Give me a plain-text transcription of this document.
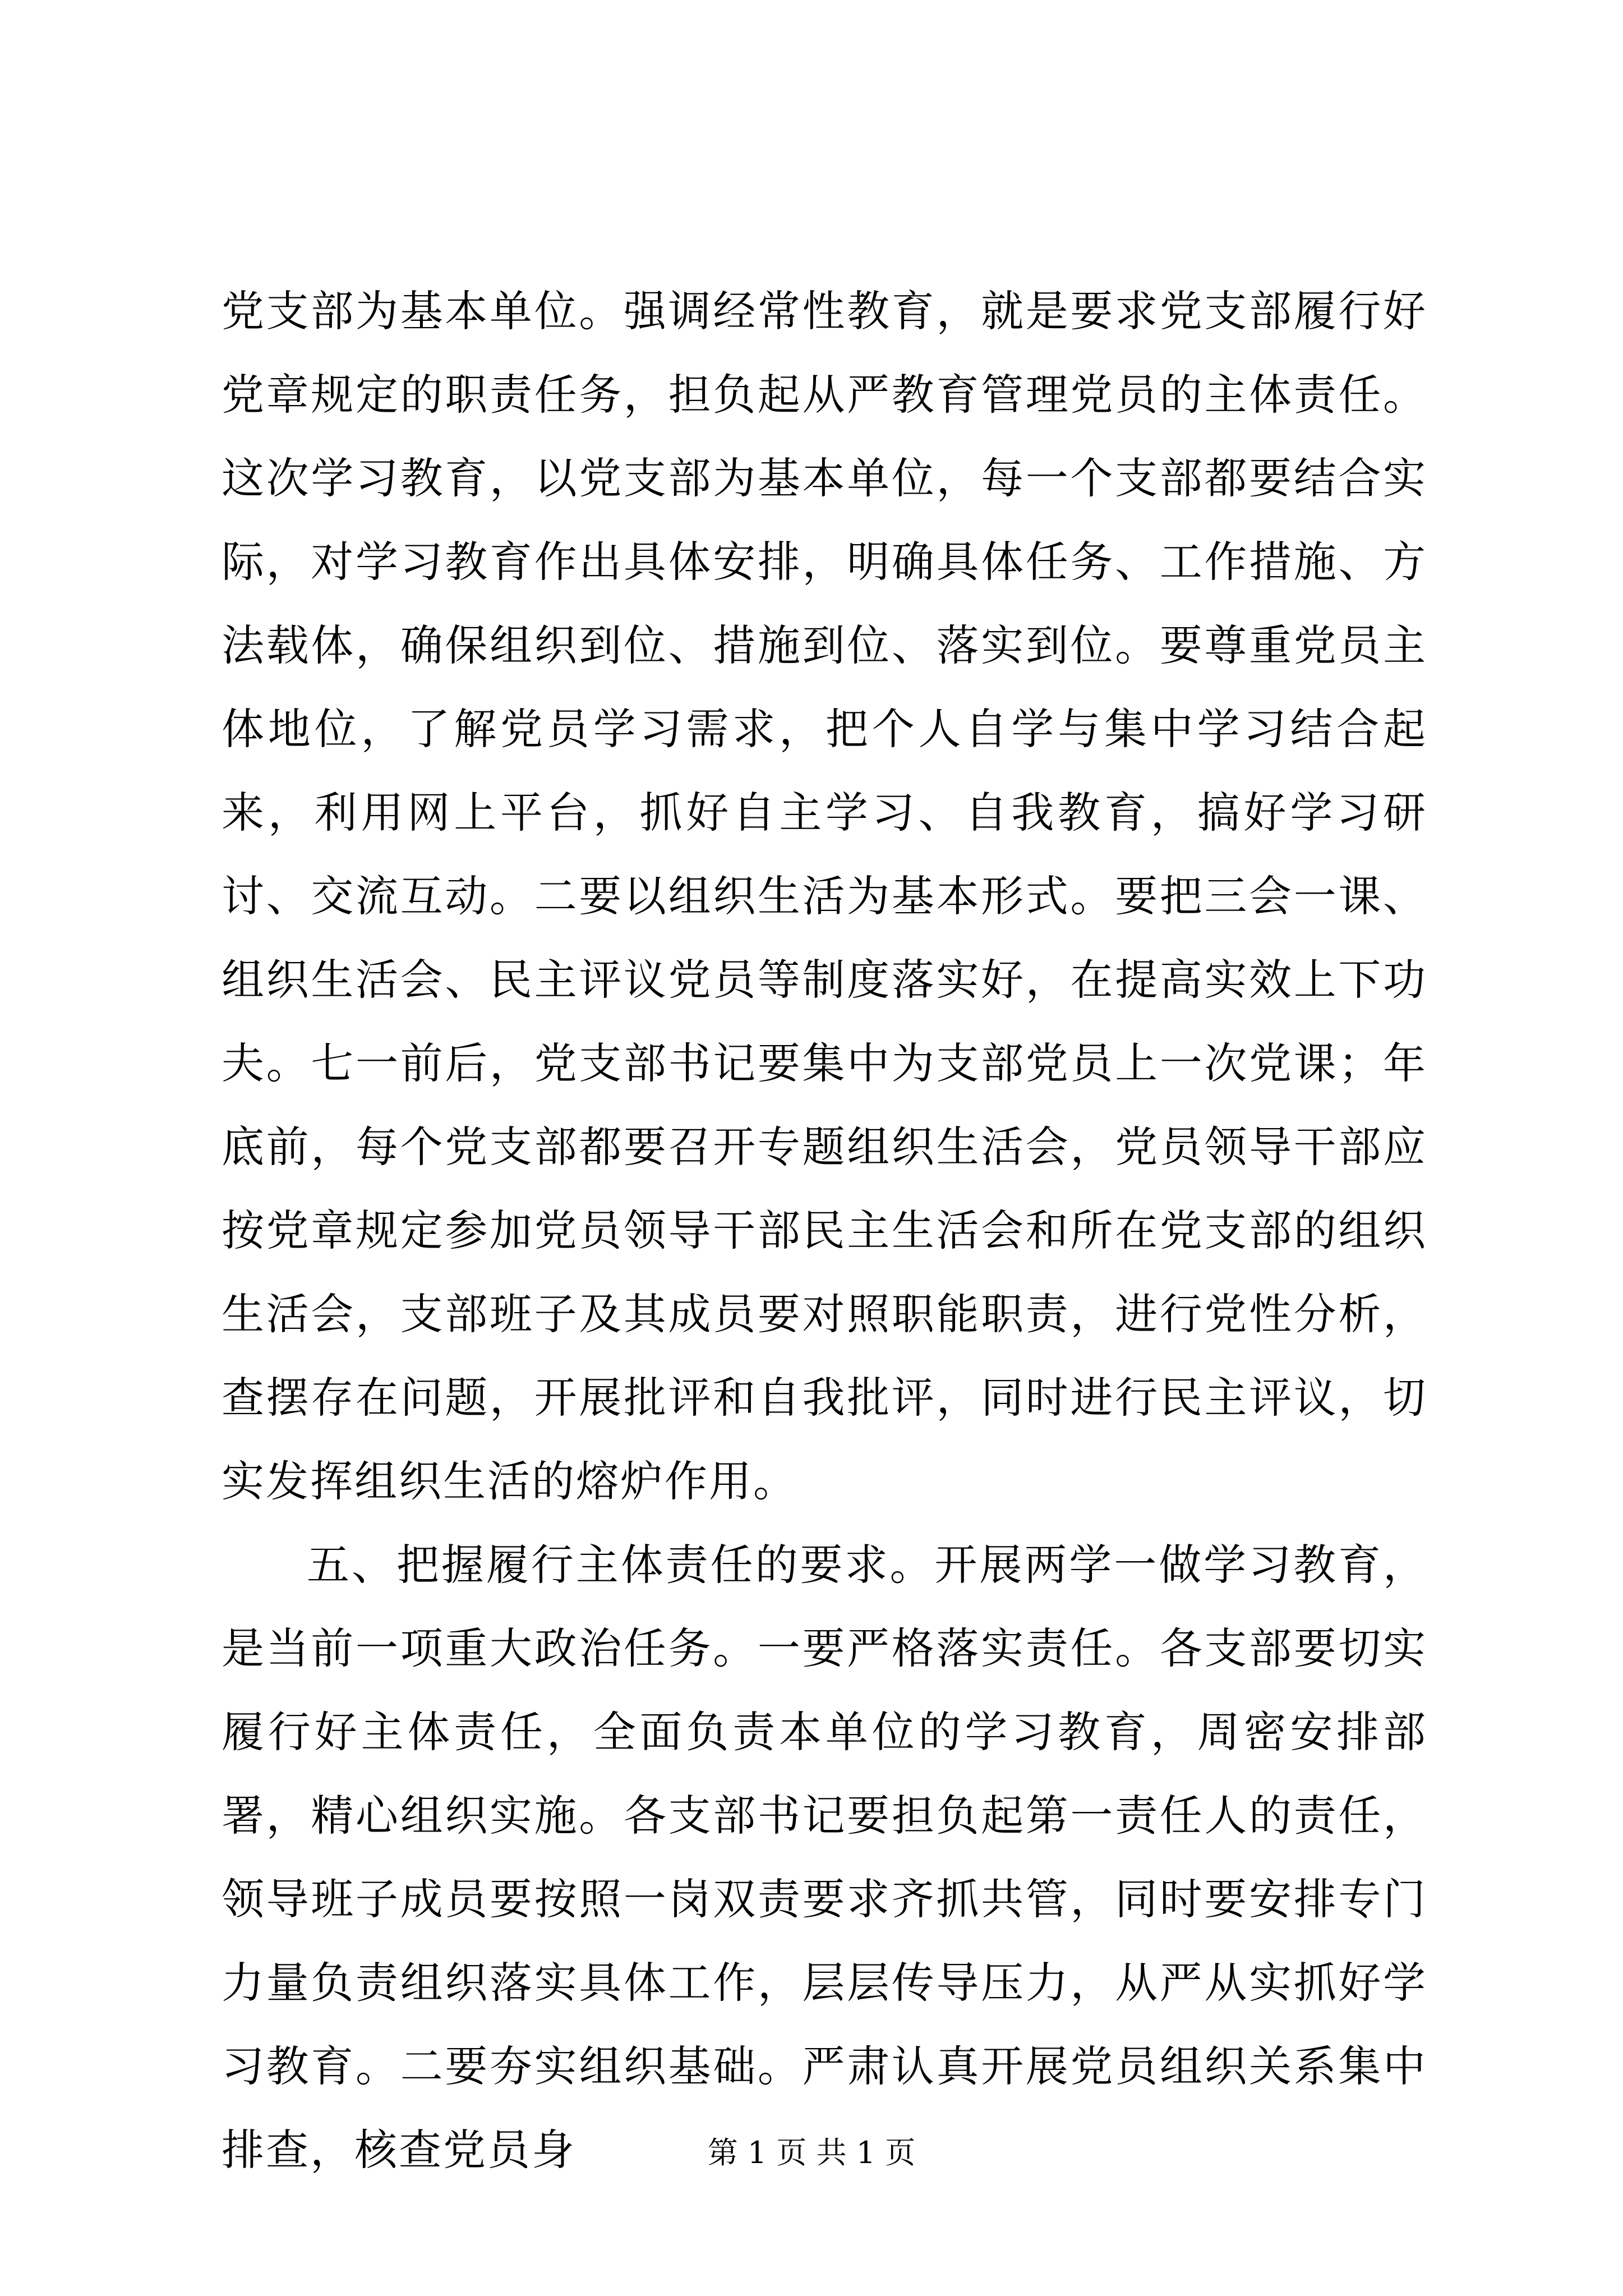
党支部为基本单位。强调经常性教育，就是要求党支部履行好党章规定的职责任务，担负起从严教育管理党员的主体责任。这次学习教育，以党支部为基本单位，每一个支部都要结合实际，对学习教育作出具体安排，明确具体任务、工作措施、方法载体，确保组织到位、措施到位、落实到位。要尊重党员主体地位，了解党员学习需求，把个人自学与集中学习结合起来，利用网上平台，抓好自主学习、自我教育，搞好学习研讨、交流互动。二要以组织生活为基本形式。要把三会一课、组织生活会、民主评议党员等制度落实好，在提高实效上下功夫。七一前后，党支部书记要集中为支部党员上一次党课；年底前，每个党支部都要召开专题组织生活会，党员领导干部应按党章规定参加党员领导干部民主生活会和所在党支部的组织生活会，支部班子及其成员要对照职能职责，进行党性分析，查摆存在问题，开展批评和自我批评，同时进行民主评议，切实发挥组织生活的熔炉作用。

五、把握履行主体责任的要求。开展两学一做学习教育，是当前一项重大政治任务。一要严格落实责任。各支部要切实履行好主体责任，全面负责本单位的学习教育，周密安排部署，精心组织实施。各支部书记要担负起第一责任人的责任，领导班子成员要按照一岗双责要求齐抓共管，同时要安排专门力量负责组织落实具体工作，层层传导压力，从严从实抓好学习教育。二要夯实组织基础。严肃认真开展党员组织关系集中排查，核查党员身	第 1 页 共 1 页
